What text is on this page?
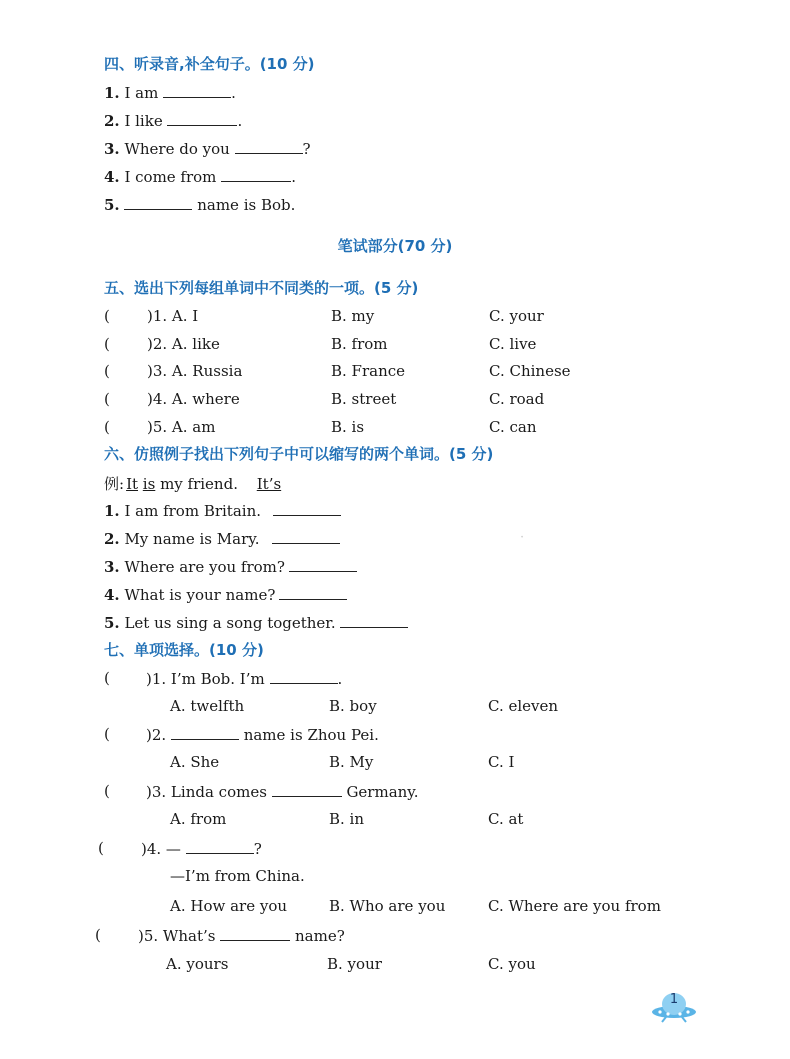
·
四、听录音,补全句子。(10 分)
1. I am	.
2. I like	.
3. Where do you	?
4. I come from	.
5.	name is Bob.
笔试部分(70 分)
五、选出下列每组单词中不同类的一项。(5 分)
( )1. A. I	B. my	C. your
( )2. A. like	B. from	C. live
( )3. A. Russia	B. France	C. Chinese
( )4. A. where	B. street	C. road
( )5. A. am	B. is	C. can
六、仿照例子找出下列句子中可以缩写的两个单词。(5 分)
例: It is my friend. It’s
1. I am from Britain.
2. My name is Mary.
3. Where are you from?
4. What is your name?
5. Let us sing a song together.
七、单项选择。(10 分)
( )1. I’m Bob. I’m	.
A. twelfth	B. boy	C. eleven
( )2.	name is Zhou Pei.
A. She	B. My	C. I
( )3. Linda comes	Germany.
A. from	B. in	C. at
( )4. —	?
—I’m from China.
A. How are you	B. Who are you	C. Where are you from
( )5. What’s	name?
A. yours	B. your	C. you
1
